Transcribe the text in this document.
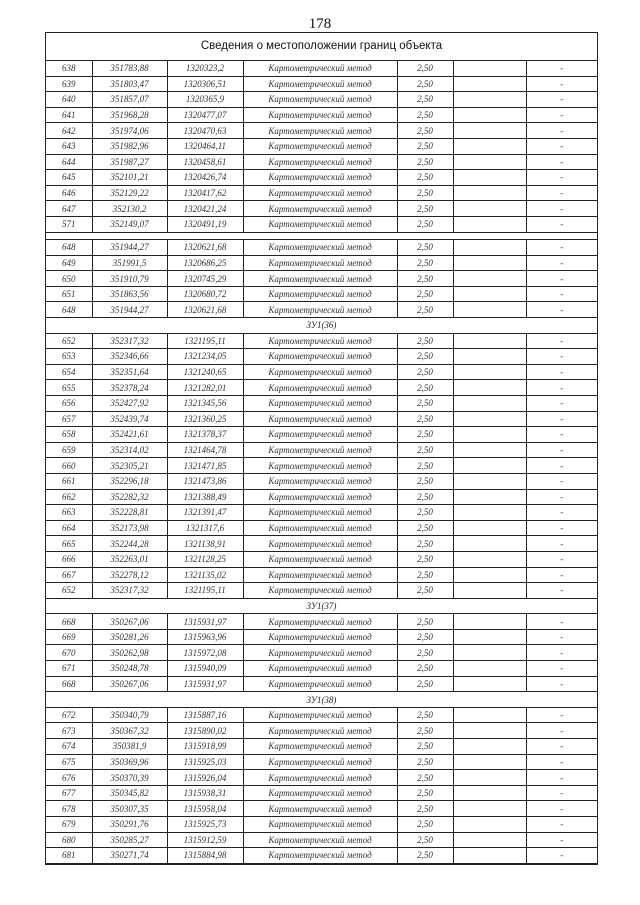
178
Сведения о местоположении границ объекта
638	351783,88	1320323,2	Картометрический метод	2,50		-
639	351803,47	1320306,51	Картометрический метод	2,50		-
640	351857,07	1320365,9	Картометрический метод	2,50		-
641	351968,28	1320477,07	Картометрический метод	2,50		-
642	351974,06	1320470,63	Картометрический метод	2,50		-
643	351982,96	1320464,11	Картометрический метод	2,50		-
644	351987,27	1320458,61	Картометрический метод	2,50		-
645	352101,21	1320426,74	Картометрический метод	2,50		-
646	352129,22	1320417,62	Картометрический метод	2,50		-
647	352130,2	1320421,24	Картометрический метод	2,50		-
571	352149,07	1320491,19	Картометрический метод	2,50		-

648	351944,27	1320621,68	Картометрический метод	2,50		-
649	351991,5	1320686,25	Картометрический метод	2,50		-
650	351910,79	1320745,29	Картометрический метод	2,50		-
651	351863,56	1320680,72	Картометрический метод	2,50		-
648	351944,27	1320621,68	Картометрический метод	2,50		-
ЗУ1(36)						
652	352317,32	1321195,11	Картометрический метод	2,50		-
653	352346,66	1321234,05	Картометрический метод	2,50		-
654	352351,64	1321240,65	Картометрический метод	2,50		-
655	352378,24	1321282,01	Картометрический метод	2,50		-
656	352427,92	1321345,56	Картометрический метод	2,50		-
657	352439,74	1321360,25	Картометрический метод	2,50		-
658	352421,61	1321378,37	Картометрический метод	2,50		-
659	352314,02	1321464,78	Картометрический метод	2,50		-
660	352305,21	1321471,85	Картометрический метод	2,50		-
661	352296,18	1321473,86	Картометрический метод	2,50		-
662	352282,32	1321388,49	Картометрический метод	2,50		-
663	352228,81	1321391,47	Картометрический метод	2,50		-
664	352173,98	1321317,6	Картометрический метод	2,50		-
665	352244,28	1321138,91	Картометрический метод	2,50		-
666	352263,01	1321128,25	Картометрический метод	2,50		-
667	352278,12	1321135,02	Картометрический метод	2,50		-
652	352317,32	1321195,11	Картометрический метод	2,50		-
ЗУ1(37)						
668	350267,06	1315931,97	Картометрический метод	2,50		-
669	350281,26	1315963,96	Картометрический метод	2,50		-
670	350262,98	1315972,08	Картометрический метод	2,50		-
671	350248,78	1315940,09	Картометрический метод	2,50		-
668	350267,06	1315931,97	Картометрический метод	2,50		-
ЗУ1(38)						
672	350340,79	1315887,16	Картометрический метод	2,50		-
673	350367,32	1315890,02	Картометрический метод	2,50		-
674	350381,9	1315918,99	Картометрический метод	2,50		-
675	350369,96	1315925,03	Картометрический метод	2,50		-
676	350370,39	1315926,04	Картометрический метод	2,50		-
677	350345,82	1315938,31	Картометрический метод	2,50		-
678	350307,35	1315958,04	Картометрический метод	2,50		-
679	350291,76	1315925,73	Картометрический метод	2,50		-
680	350285,27	1315912,59	Картометрический метод	2,50		-
681	350271,74	1315884,98	Картометрический метод	2,50		-
